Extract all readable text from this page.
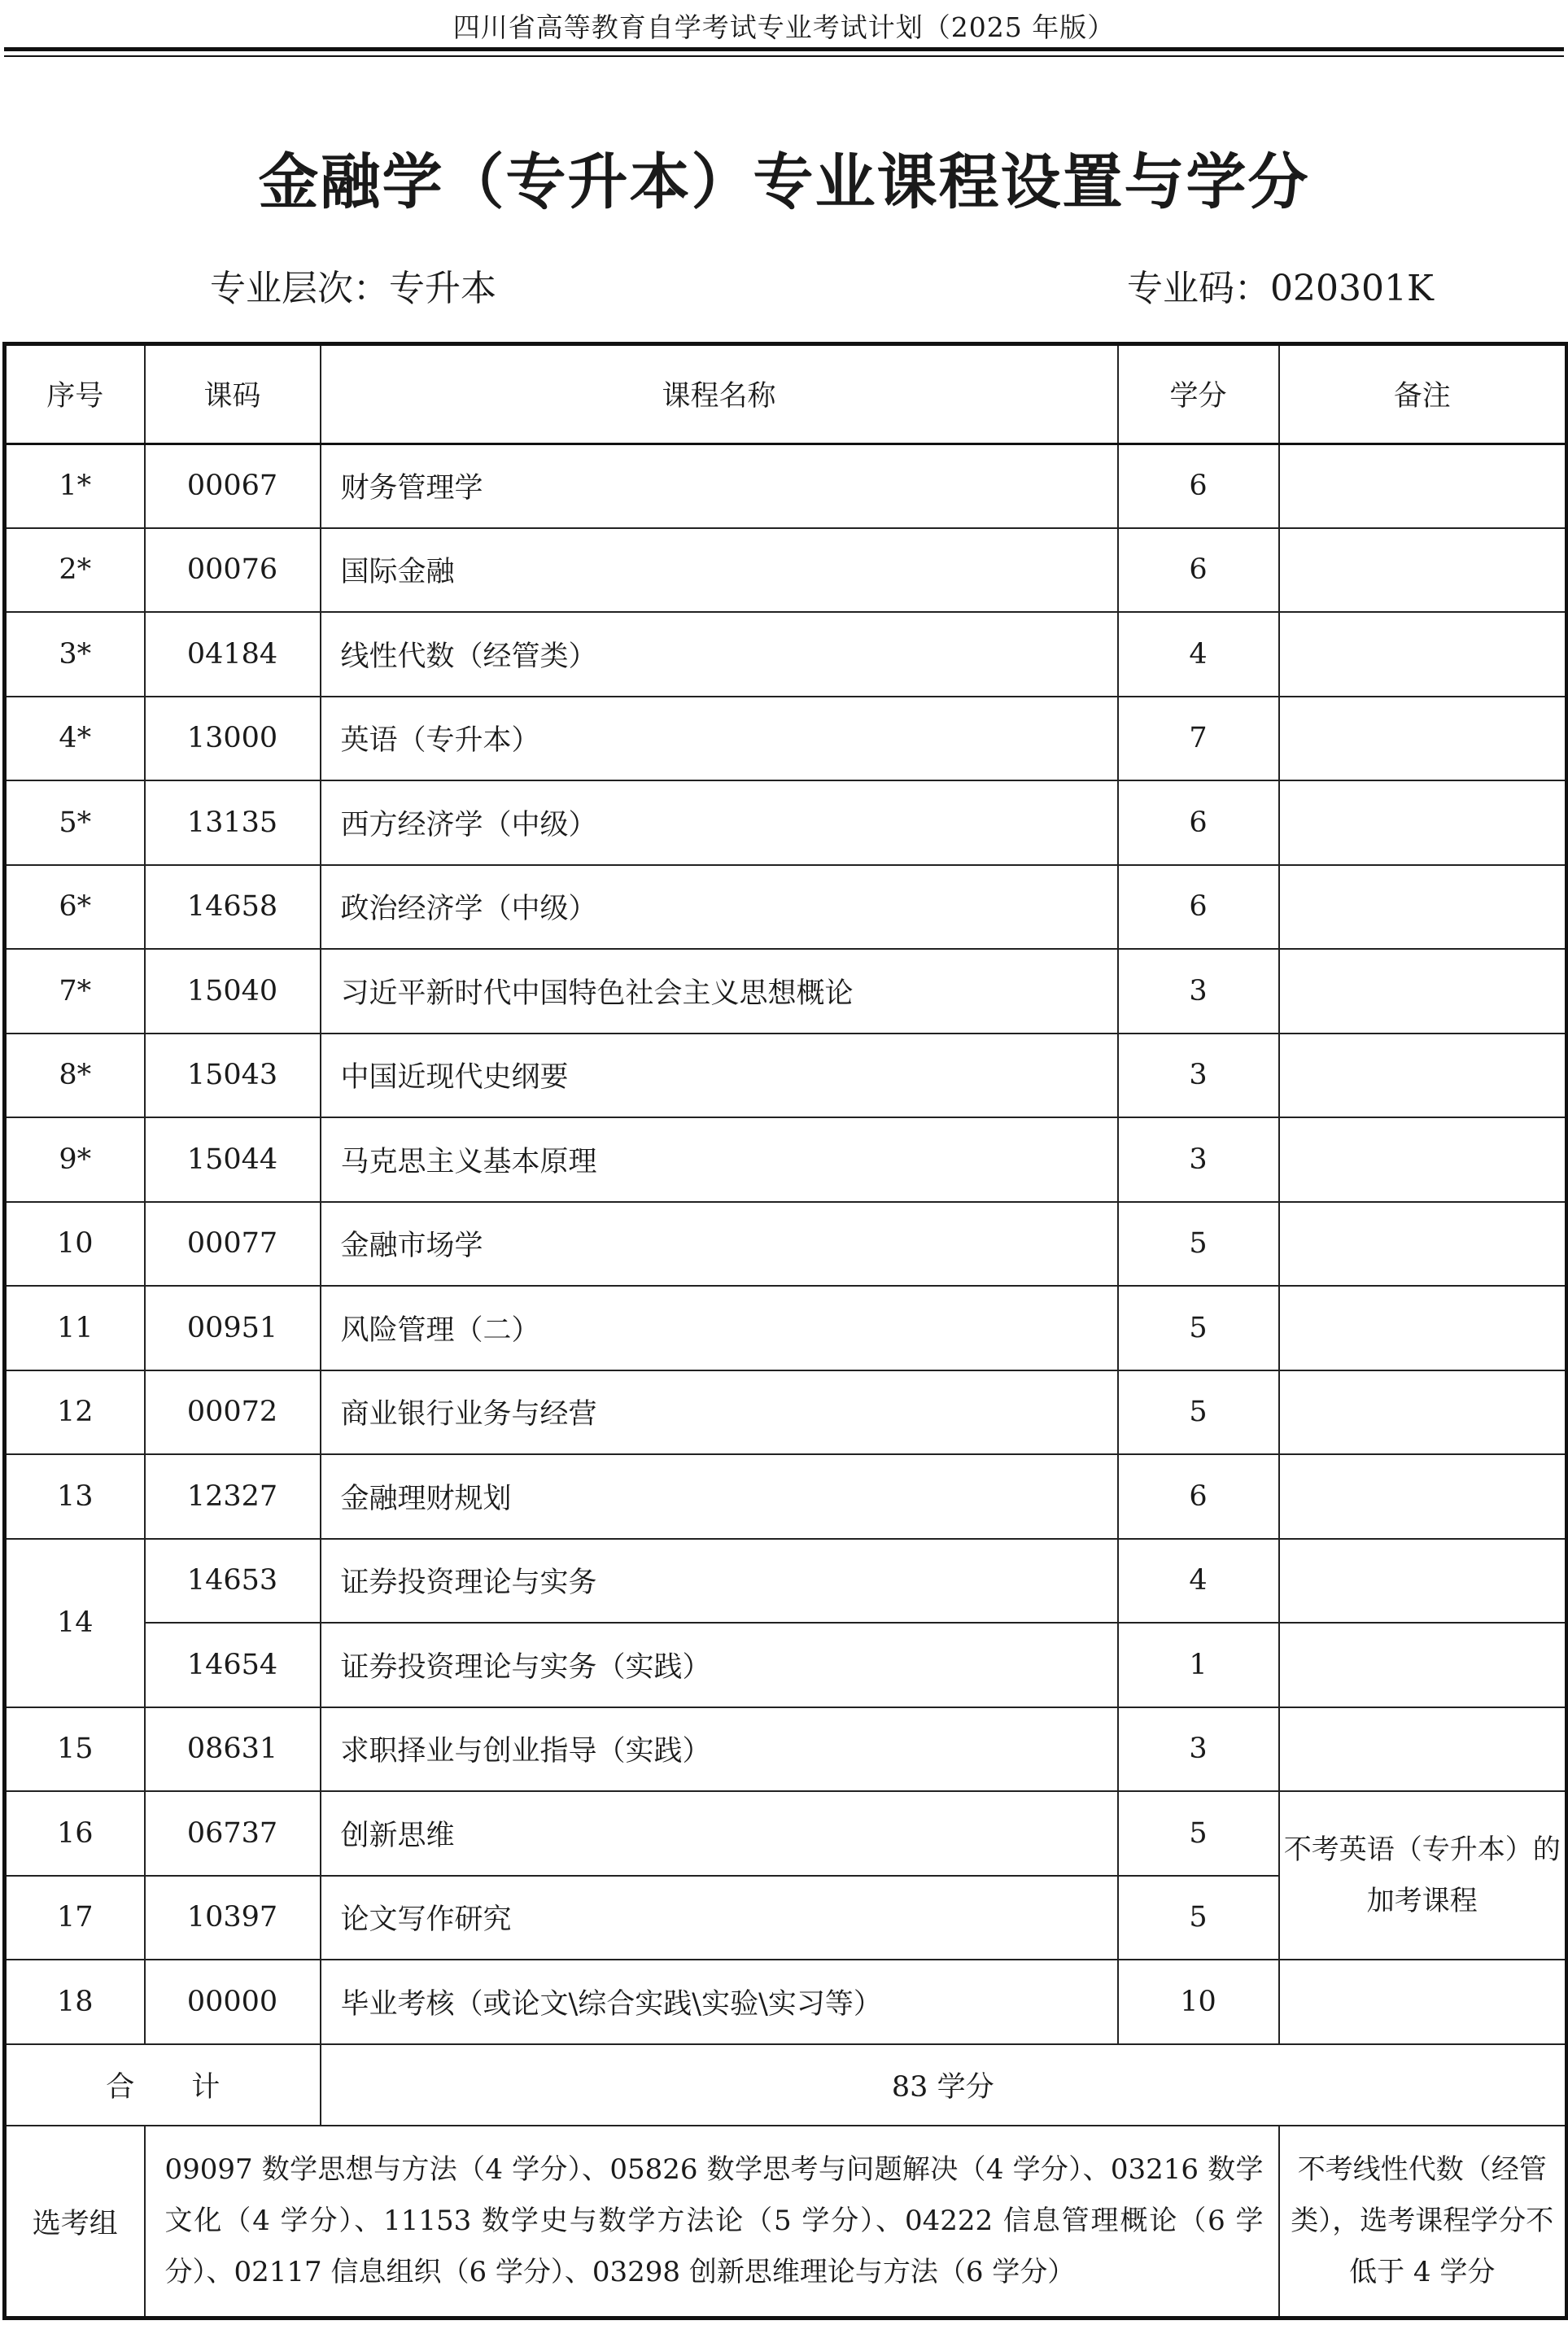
四川省高等教育自学考试专业考试计划（2025 年版）
金融学（专升本）专业课程设置与学分
专业层次：专升本	专业码：020301K
序号	课码	课程名称	学分	备注
1*	00067	财务管理学	6	
2*	00076	国际金融	6	
3*	04184	线性代数（经管类）	4	
4*	13000	英语（专升本）	7	
5*	13135	西方经济学（中级）	6	
6*	14658	政治经济学（中级）	6	
7*	15040	习近平新时代中国特色社会主义思想概论	3	
8*	15043	中国近现代史纲要	3	
9*	15044	马克思主义基本原理	3	
10	00077	金融市场学	5	
11	00951	风险管理（二）	5	
12	00072	商业银行业务与经营	5	
13	12327	金融理财规划	6	
14	14653	证券投资理论与实务	4	
	14654	证券投资理论与实务（实践）	1	
15	08631	求职择业与创业指导（实践）	3	
16	06737	创新思维	5	不考英语（专升本）的加考课程
17	10397	论文写作研究	5	
18	00000	毕业考核（或论文\综合实践\实验\实习等）	10	
合　　计		83 学分		
选考组	09097 数学思想与方法（4 学分）、05826 数学思考与问题解决（4 学分）、03216 数学文化（4 学分）、11153 数学史与数学方法论（5 学分）、04222 信息管理概论（6 学分）、02117 信息组织（6 学分）、03298 创新思维理论与方法（6 学分）			不考线性代数（经管类），选考课程学分不低于 4 学分
